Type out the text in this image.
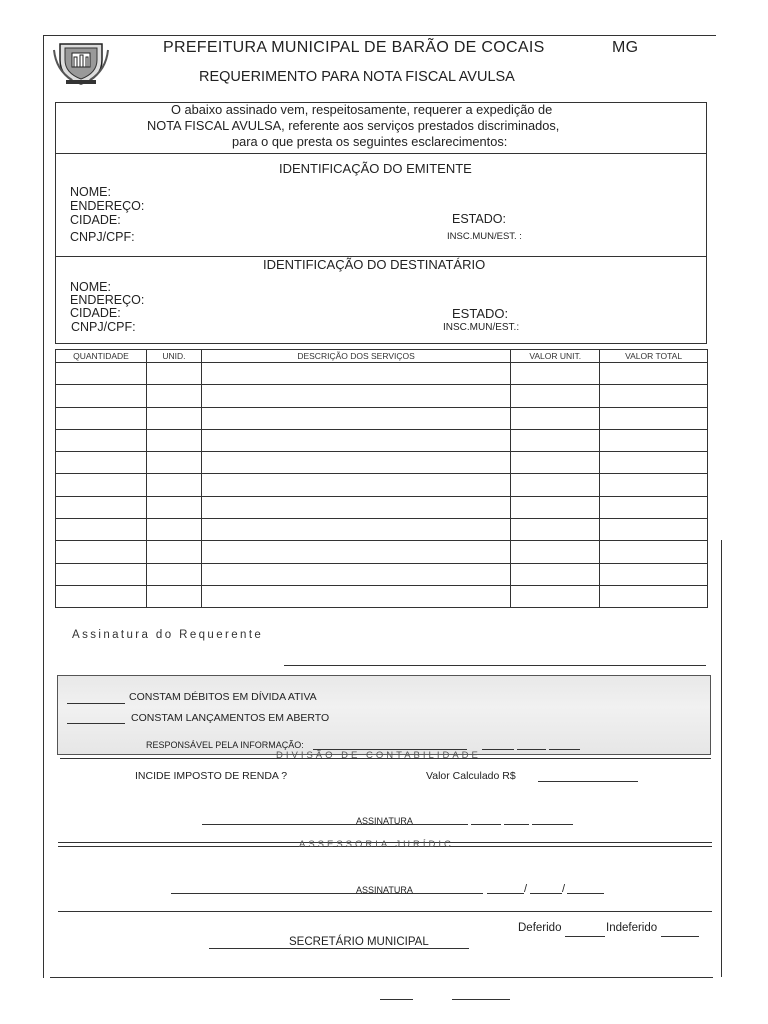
PREFEITURA MUNICIPAL DE BARÃO DE COCAIS	MG
REQUERIMENTO PARA NOTA FISCAL AVULSA
O abaixo assinado vem, respeitosamente, requerer a expedição de
NOTA FISCAL AVULSA, referente aos serviços prestados discriminados,
para o que presta os seguintes esclarecimentos:
IDENTIFICAÇÃO DO EMITENTE
NOME:
ENDEREÇO:
CIDADE:	ESTADO:
CNPJ/CPF:	INSC.MUN/EST. :
IDENTIFICAÇÃO DO DESTINATÁRIO
NOME:
ENDEREÇO:
CIDADE:	ESTADO:
CNPJ/CPF:	INSC.MUN/EST.:
QUANTIDADE	UNID.	DESCRIÇÃO DOS SERVIÇOS	VALOR UNIT.	VALOR TOTAL

Assinatura do Requerente
CONSTAM DÉBITOS EM DÍVIDA ATIVA
CONSTAM LANÇAMENTOS EM ABERTO
RESPONSÁVEL PELA INFORMAÇÃO:
DIVISÃO DE CONTABILIDADE
INCIDE IMPOSTO DE RENDA ?	Valor Calculado R$
ASSINATURA
ASSESSORIA JURÍDIC
ASSINATURA	/	/
Deferido	Indeferido
SECRETÁRIO MUNICIPAL
